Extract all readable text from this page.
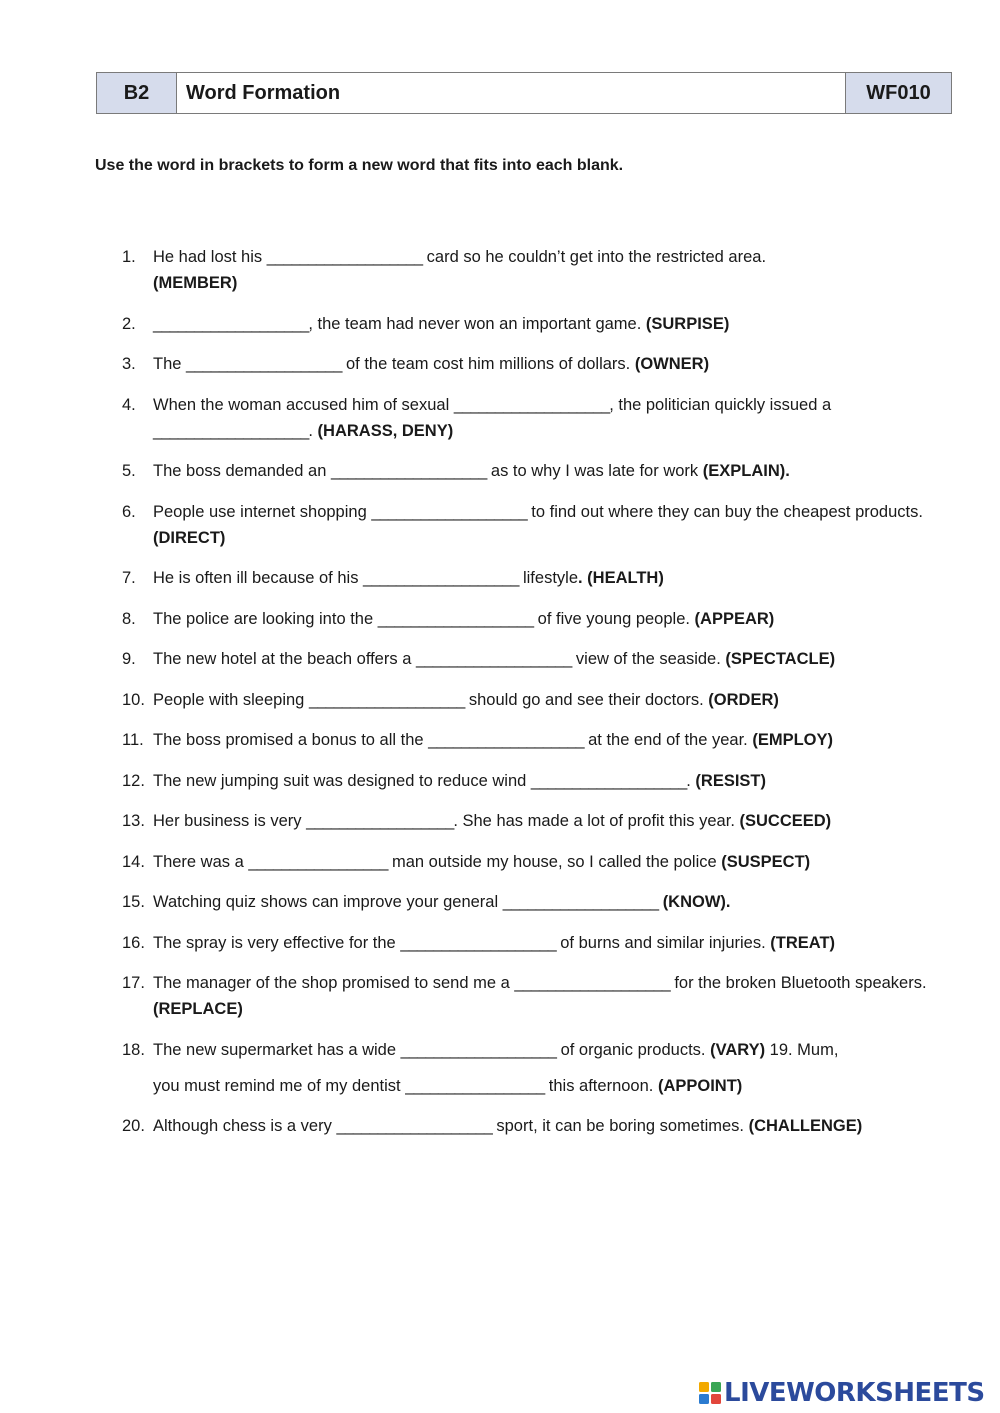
B2	Word Formation	WF010
Use the word in brackets to form a new word that fits into each blank.
1.	He had lost his ___________________ card so he couldn’t get into the restricted area.
(MEMBER)
2.	___________________, the team had never won an important game. (SURPISE)
3.	The ___________________ of the team cost him millions of dollars. (OWNER)
4.	When the woman accused him of sexual ___________________, the politician quickly issued a
___________________. (HARASS, DENY)
5.	The boss demanded an ___________________ as to why I was late for work (EXPLAIN).
6.	People use internet shopping ___________________ to find out where they can buy the cheapest products. (DIRECT)
7.	He is often ill because of his ___________________ lifestyle. (HEALTH)
8.	The police are looking into the ___________________ of five young people. (APPEAR)
9.	The new hotel at the beach offers a ___________________ view of the seaside. (SPECTACLE)
10. People with sleeping ___________________ should go and see their doctors. (ORDER)
11. The boss promised a bonus to all the ___________________ at the end of the year. (EMPLOY)
12. The new jumping suit was designed to reduce wind ___________________. (RESIST)
13. Her business is very __________________. She has made a lot of profit this year. (SUCCEED)
14. There was a _________________ man outside my house, so I called the police (SUSPECT)
15. Watching quiz shows can improve your general ___________________ (KNOW).
16. The spray is very effective for the ___________________ of burns and similar injuries. (TREAT)
17. The manager of the shop promised to send me a ___________________ for the broken Bluetooth speakers. (REPLACE)
18. The new supermarket has a wide ___________________ of organic products. (VARY) 19. Mum,
you must remind me of my dentist _________________ this afternoon. (APPOINT)
20. Although chess is a very ___________________ sport, it can be boring sometimes. (CHALLENGE)
LIVEWORKSHEETS
